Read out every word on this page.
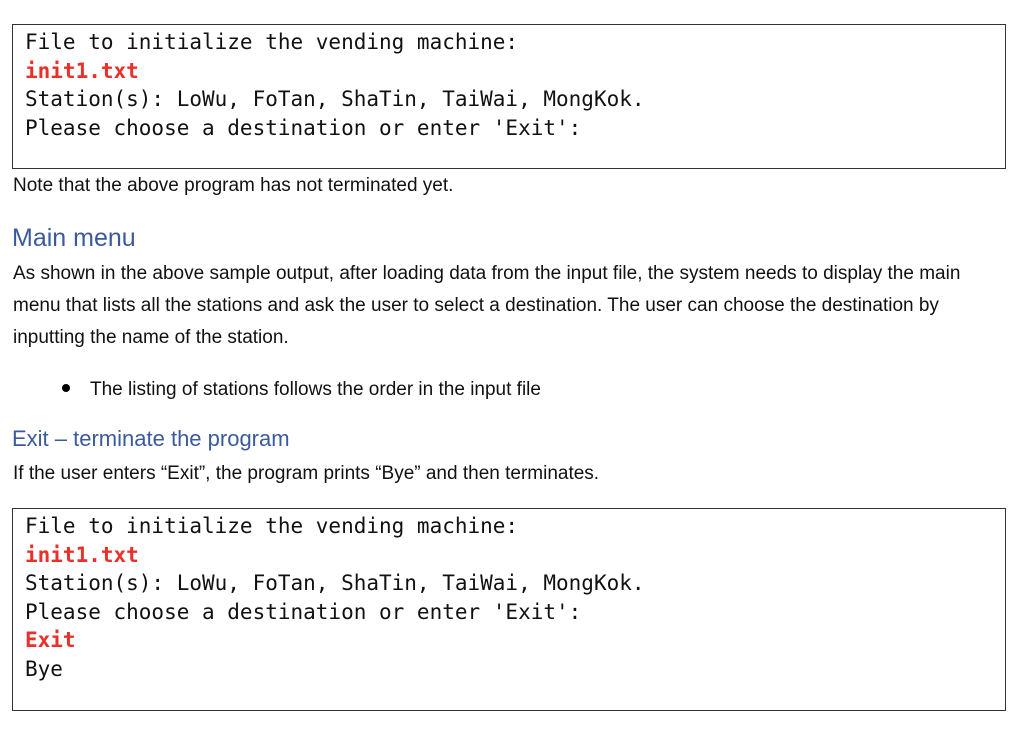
File to initialize the vending machine:
init1.txt
Station(s): LoWu, FoTan, ShaTin, TaiWai, MongKok.
Please choose a destination or enter 'Exit':
Note that the above program has not terminated yet.
Main menu
As shown in the above sample output, after loading data from the input file, the system needs to display the main menu that lists all the stations and ask the user to select a destination. The user can choose the destination by inputting the name of the station.
The listing of stations follows the order in the input file
Exit – terminate the program
If the user enters “Exit”, the program prints “Bye” and then terminates.
File to initialize the vending machine:
init1.txt
Station(s): LoWu, FoTan, ShaTin, TaiWai, MongKok.
Please choose a destination or enter 'Exit':
Exit
Bye
